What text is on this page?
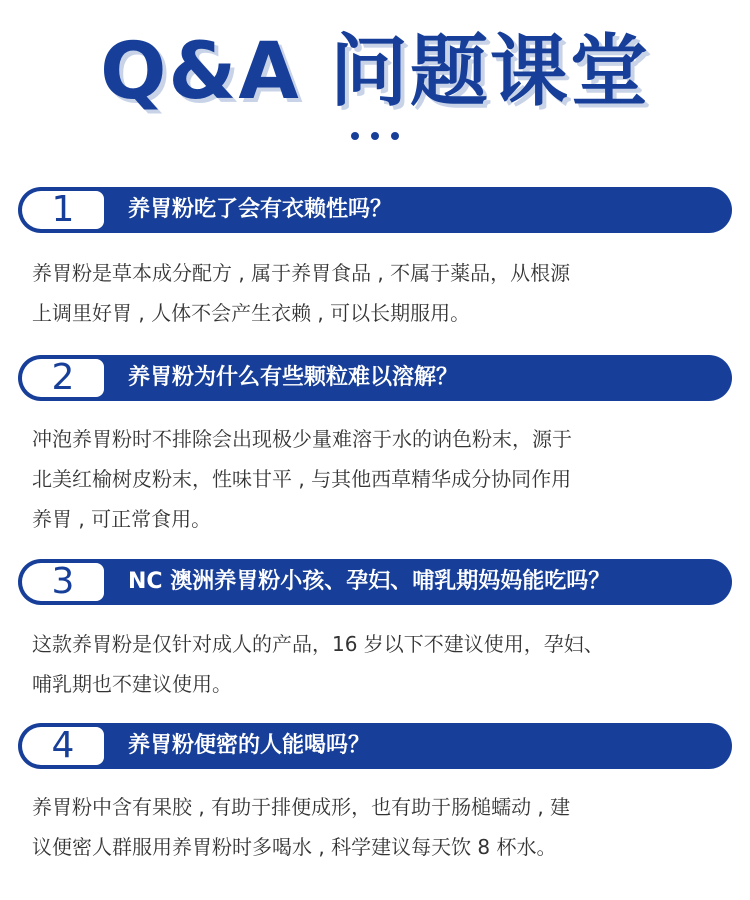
Q&A 问题课堂
1 养胃粉吃了会有衣赖性吗？
养胃粉是草本成分配方 , 属于养胃食品 , 不属于薬品，从根源
上调里好胃 , 人体不会产生衣赖 , 可以长期服用。
2 养胃粉为什么有些颗粒难以溶解？
冲泡养胃粉时不排除会出现极少量难溶于水的讷色粉末，源于
北美红榆树皮粉末，性味甘平 , 与其他西草精华成分协同作用
养胃 , 可正常食用。
3 NC 澳洲养胃粉小孩、孕妇、哺乳期妈妈能吃吗？
这款养胃粉是仅针对成人的产品，16 岁以下不建议使用，孕妇、
哺乳期也不建议使用。
4 养胃粉便密的人能喝吗？
养胃粉中含有果胶 , 有助于排便成形，也有助于肠槌蠕动 , 建
议便密人群服用养胃粉时多喝水 , 科学建议每天饮 8 杯水。
